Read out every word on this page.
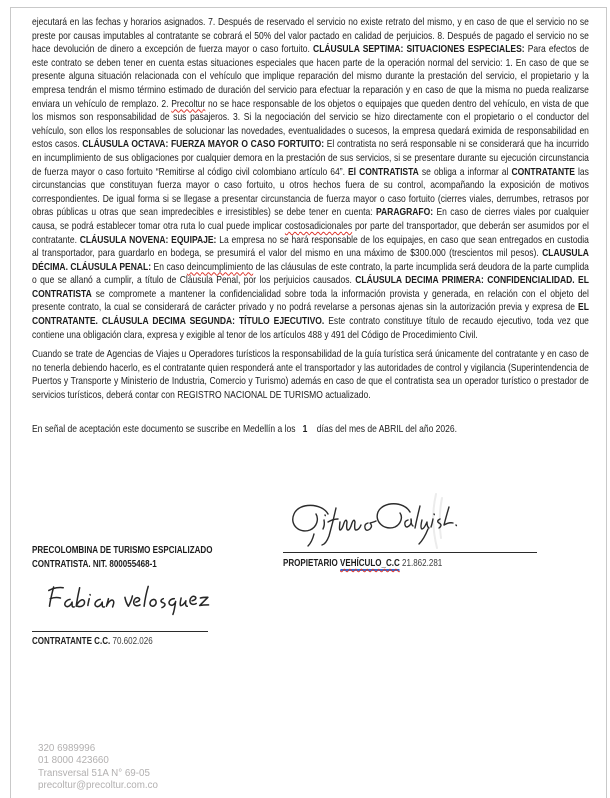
ejecutará en las fechas y horarios asignados. 7. Después de reservado el servicio no existe retrato del mismo, y en caso de que el servicio no se preste por causas imputables al contratante se cobrará el 50% del valor pactado en calidad de perjuicios. 8. Después de pagado el servicio no se hace devolución de dinero a excepción de fuerza mayor o caso fortuito. CLÁUSULA SEPTIMA: SITUACIONES ESPECIALES: Para efectos de este contrato se deben tener en cuenta estas situaciones especiales que hacen parte de la operación normal del servicio: 1. En caso de que se presente alguna situación relacionada con el vehículo que implique reparación del mismo durante la prestación del servicio, el propietario y la empresa tendrán el mismo término estimado de duración del servicio para efectuar la reparación y en caso de que la misma no pueda realizarse enviara un vehículo de remplazo. 2. Precoltur no se hace responsable de los objetos o equipajes que queden dentro del vehículo, en vista de que los mismos son responsabilidad de sus pasajeros. 3. Si la negociación del servicio se hizo directamente con el propietario o el conductor del vehículo, son ellos los responsables de solucionar las novedades, eventualidades o sucesos, la empresa quedará eximida de responsabilidad en estos casos. CLÁUSULA OCTAVA: FUERZA MAYOR O CASO FORTUITO: El contratista no será responsable ni se considerará que ha incurrido en incumplimiento de sus obligaciones por cualquier demora en la prestación de sus servicios, si se presentare durante su ejecución circunstancia de fuerza mayor o caso fortuito “Remitirse al código civil colombiano artículo 64”. El CONTRATISTA se obliga a informar al CONTRATANTE las circunstancias que constituyan fuerza mayor o caso fortuito, u otros hechos fuera de su control, acompañando la exposición de motivos correspondientes. De igual forma si se llegase a presentar circunstancia de fuerza mayor o caso fortuito (cierres viales, derrumbes, retrasos por obras públicas u otras que sean impredecibles e irresistibles) se debe tener en cuenta: PARAGRAFO: En caso de cierres viales por cualquier causa, se podrá establecer tomar otra ruta lo cual puede implicar costosadicionales por parte del transportador, que deberán ser asumidos por el contratante. CLÁUSULA NOVENA: EQUIPAJE: La empresa no se hará responsable de los equipajes, en caso que sean entregados en custodia al transportador, para guardarlo en bodega, se presumirá el valor del mismo en una máximo de $300.000 (trescientos mil pesos). CLAUSULA DÉCIMA. CLÁUSULA PENAL: En caso deincumplimiento de las cláusulas de este contrato, la parte incumplida será deudora de la parte cumplida o que se allanó a cumplir, a título de Cláusula Penal, por los perjuicios causados. CLÁUSULA DECIMA PRIMERA: CONFIDENCIALIDAD. EL CONTRATISTA se compromete a mantener la confidencialidad sobre toda la información provista y generada, en relación con el objeto del presente contrato, la cual se considerará de carácter privado y no podrá revelarse a personas ajenas sin la autorización previa y expresa de EL CONTRATANTE. CLÁUSULA DECIMA SEGUNDA: TÍTULO EJECUTIVO. Este contrato constituye título de recaudo ejecutivo, toda vez que contiene una obligación clara, expresa y exigible al tenor de los artículos 488 y 491 del Código de Procedimiento Civil.
Cuando se trate de Agencias de Viajes u Operadores turísticos la responsabilidad de la guía turística será únicamente del contratante y en caso de no tenerla debiendo hacerlo, es el contratante quien responderá ante el transportador y las autoridades de control y vigilancia (Superintendencia de Puertos y Transporte y Ministerio de Industria, Comercio y Turismo) además en caso de que el contratista sea un operador turístico o prestador de servicios turísticos, deberá contar con REGISTRO NACIONAL DE TURISMO actualizado.
En señal de aceptación este documento se suscribe en Medellín a los   1    días del mes de ABRIL del año 2026.
PROPIETARIO VEHÍCULO_C.C 21.862.281
PRECOLOMBINA DE TURISMO ESPCIALIZADO
CONTRATISTA. NIT. 800055468-1
CONTRATANTE C.C. 70.602.026
320 6989996
01 8000 423660
Transversal 51A N° 69-05
precoltur@precoltur.com.co
